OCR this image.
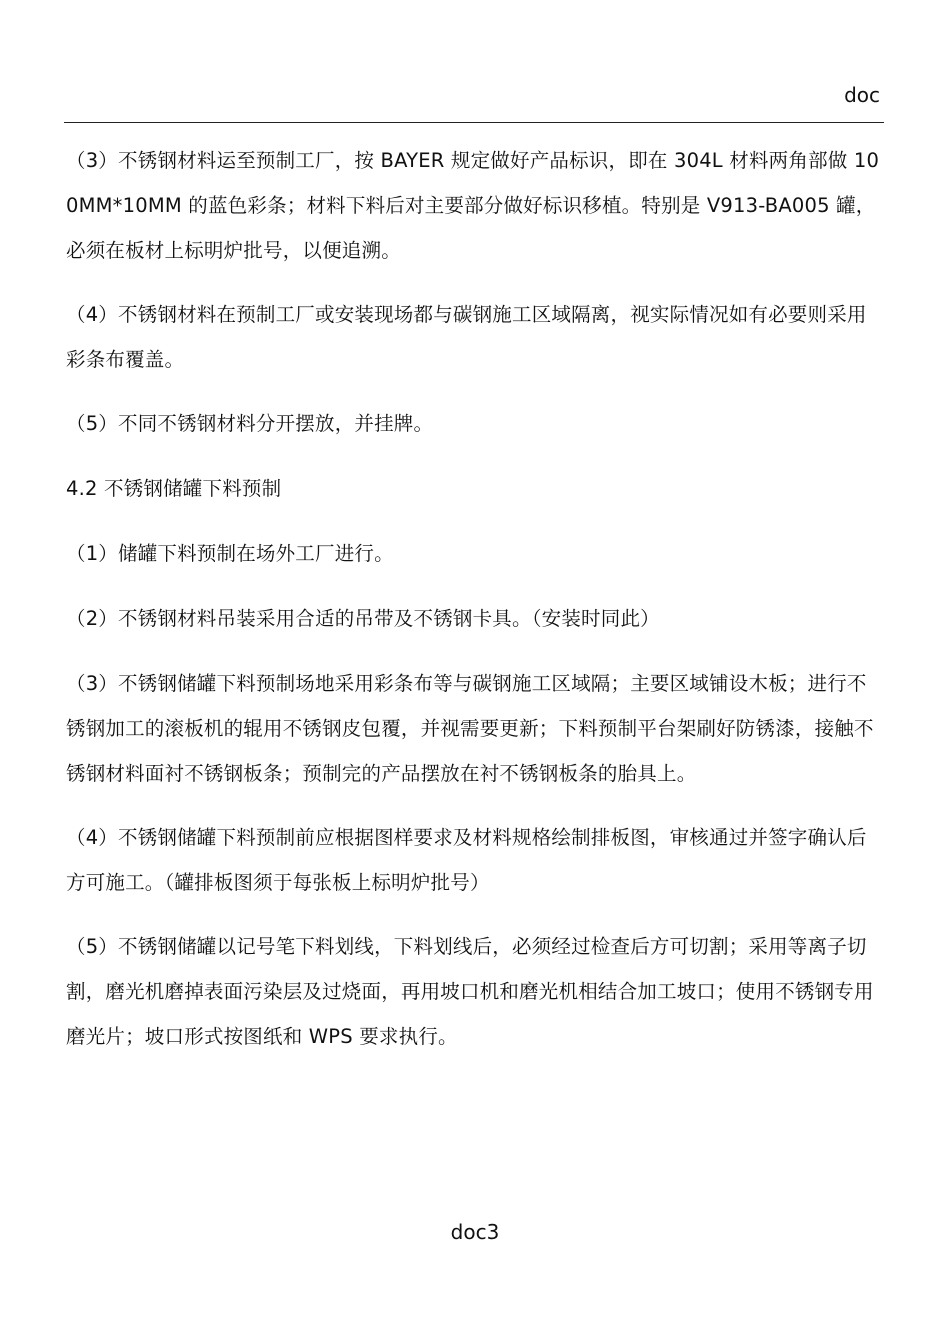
doc

（3）不锈钢材料运至预制工厂，按 BAYER 规定做好产品标识，即在 304L 材料两角部做 100MM*10MM 的蓝色彩条；材料下料后对主要部分做好标识移植。特别是 V913-BA005 罐，必须在板材上标明炉批号，以便追溯。

（4）不锈钢材料在预制工厂或安装现场都与碳钢施工区域隔离，视实际情况如有必要则采用彩条布覆盖。

（5）不同不锈钢材料分开摆放，并挂牌。

4.2 不锈钢储罐下料预制

（1）储罐下料预制在场外工厂进行。

（2）不锈钢材料吊装采用合适的吊带及不锈钢卡具。（安装时同此）

（3）不锈钢储罐下料预制场地采用彩条布等与碳钢施工区域隔；主要区域铺设木板；进行不锈钢加工的滚板机的辊用不锈钢皮包覆，并视需要更新；下料预制平台架刷好防锈漆，接触不锈钢材料面衬不锈钢板条；预制完的产品摆放在衬不锈钢板条的胎具上。

（4）不锈钢储罐下料预制前应根据图样要求及材料规格绘制排板图，审核通过并签字确认后方可施工。（罐排板图须于每张板上标明炉批号）

（5）不锈钢储罐以记号笔下料划线，下料划线后，必须经过检查后方可切割；采用等离子切割，磨光机磨掉表面污染层及过烧面，再用坡口机和磨光机相结合加工坡口；使用不锈钢专用磨光片；坡口形式按图纸和 WPS 要求执行。

doc3
